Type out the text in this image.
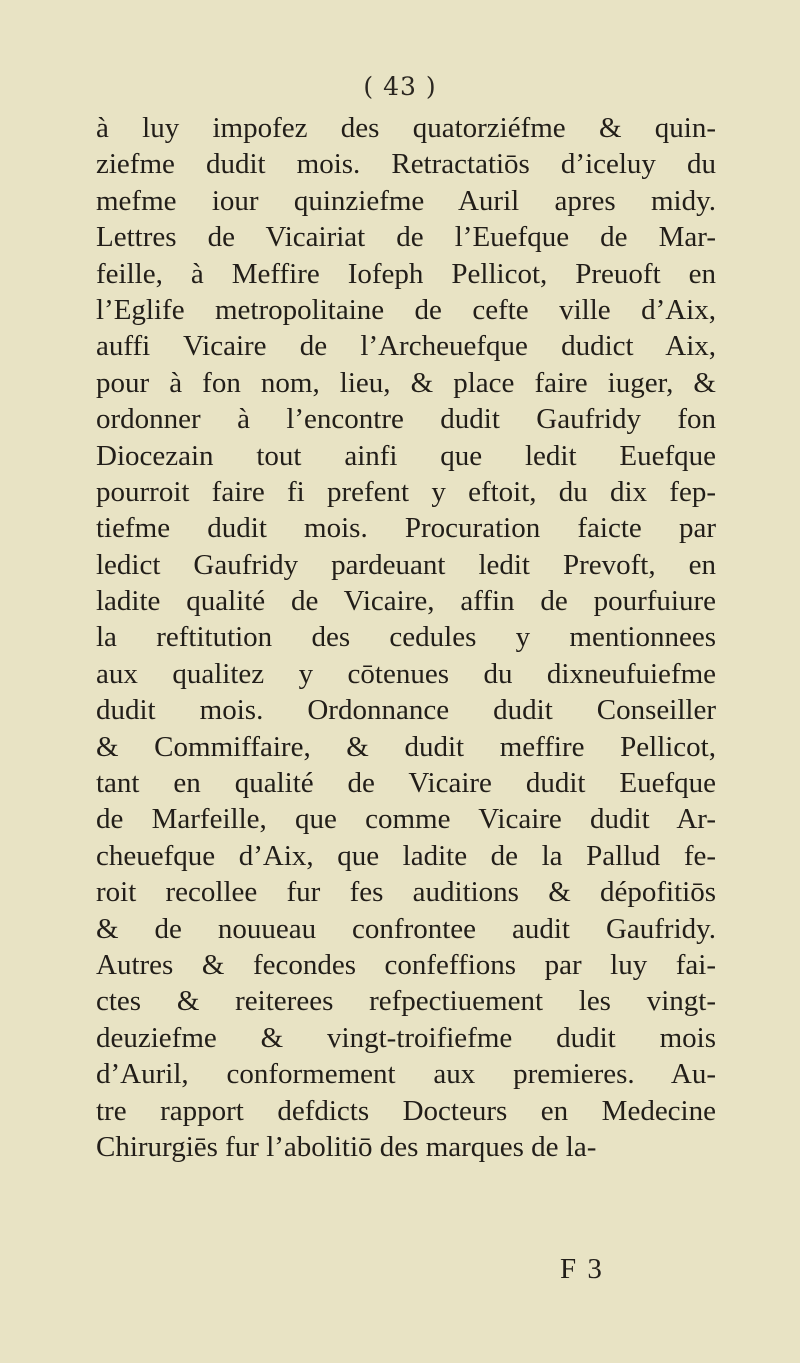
( 43 )
à luy impofez des quatorziéfme & quin-
ziefme dudit mois. Retractatiōs d’iceluy du
mefme iour quinziefme Auril apres midy.
Lettres de Vicairiat de l’Euefque de Mar-
feille, à Meffire Iofeph Pellicot, Preuoft en
l’Eglife metropolitaine de cefte ville d’Aix,
auffi Vicaire de l’Archeuefque dudict Aix,
pour à fon nom, lieu, & place faire iuger, &
ordonner à l’encontre dudit Gaufridy fon
Diocezain tout ainfi que ledit Euefque
pourroit faire fi prefent y eftoit, du dix fep-
tiefme dudit mois. Procuration faicte par
ledict Gaufridy pardeuant ledit Prevoft, en
ladite qualité de Vicaire, affin de pourfuiure
la reftitution des cedules y mentionnees
aux qualitez y cōtenues du dixneufuiefme
dudit mois. Ordonnance dudit Conseiller
& Commiffaire, & dudit meffire Pellicot,
tant en qualité de Vicaire dudit Euefque
de Marfeille, que comme Vicaire dudit Ar-
cheuefque d’Aix, que ladite de la Pallud fe-
roit recollee fur fes auditions & dépofitiōs
& de nouueau confrontee audit Gaufridy.
Autres & fecondes confeffions par luy fai-
ctes & reiterees refpectiuement les vingt-
deuziefme & vingt-troifiefme dudit mois
d’Auril, conformement aux premieres. Au-
tre rapport defdicts Docteurs en Medecine
Chirurgiēs fur l’abolitiō des marques de la-
F 3
